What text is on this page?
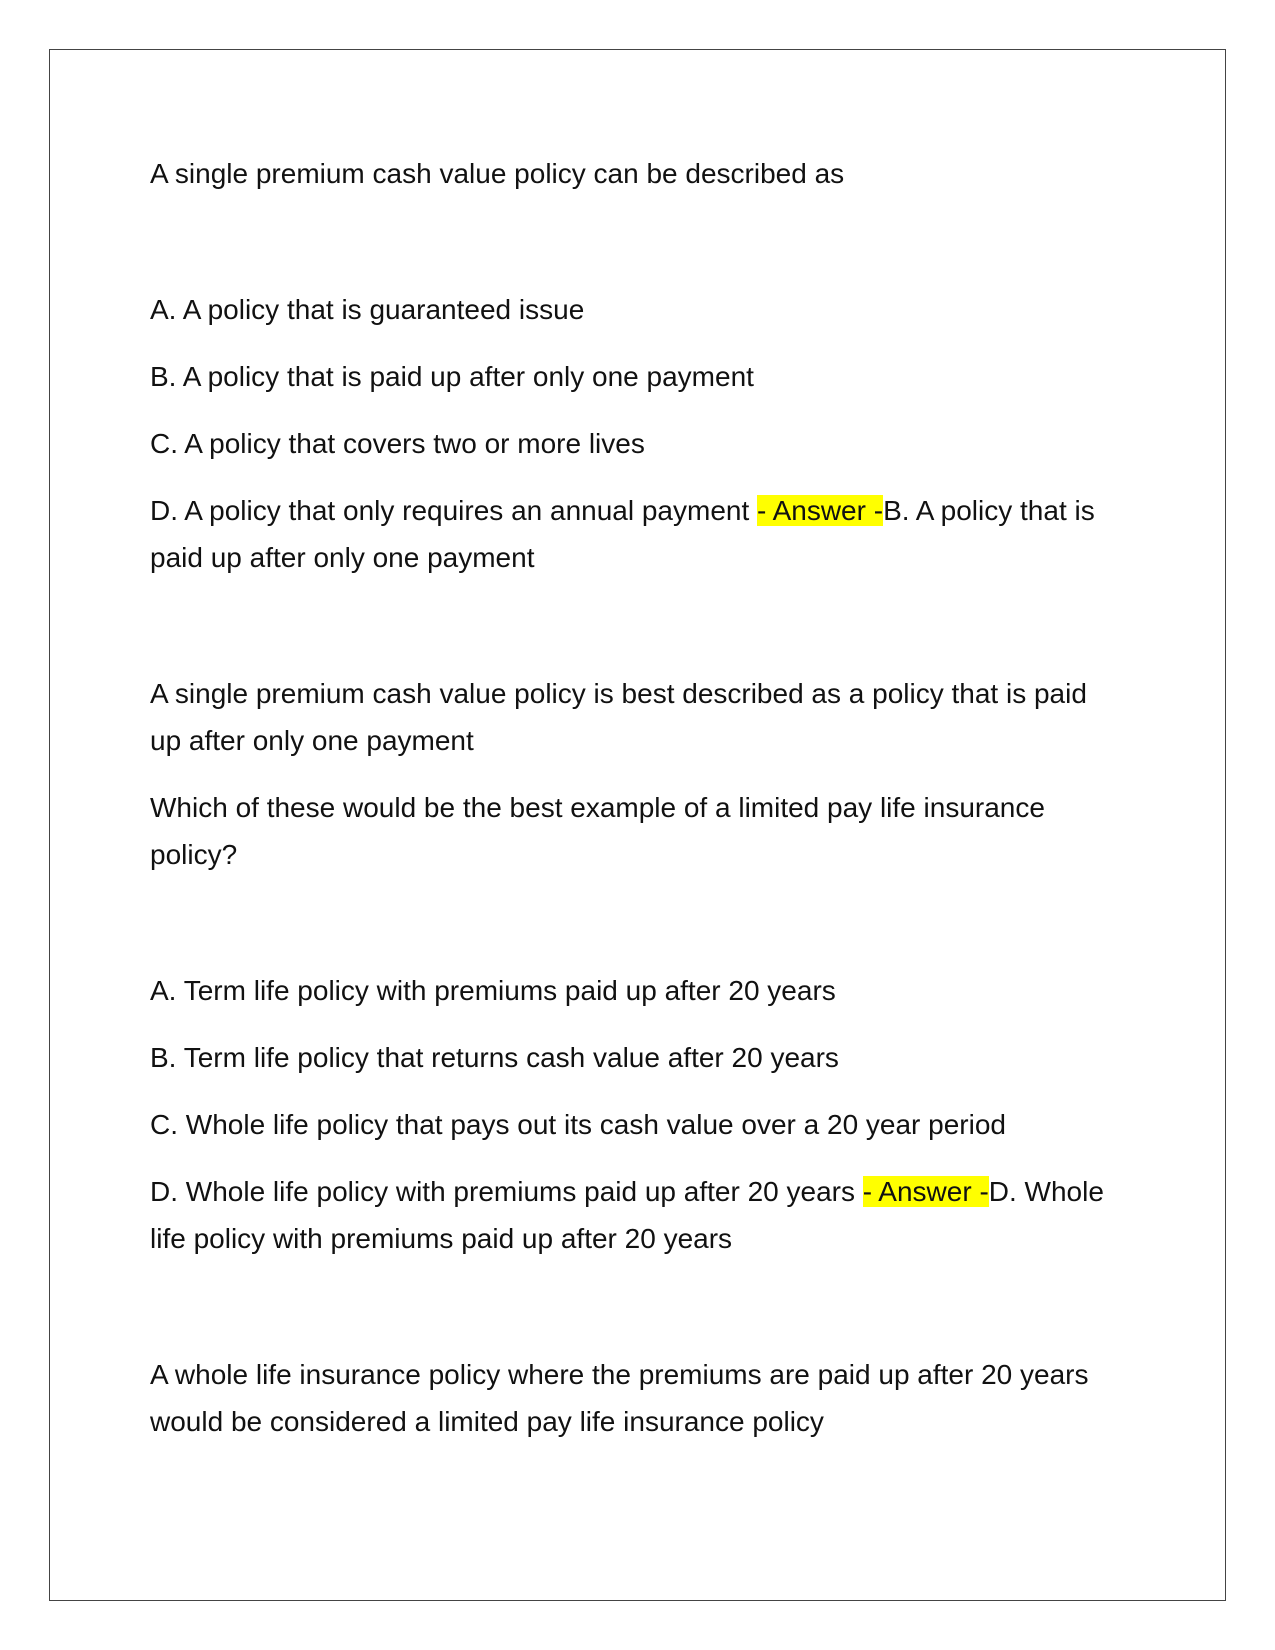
A single premium cash value policy can be described as

A. A policy that is guaranteed issue

B. A policy that is paid up after only one payment

C. A policy that covers two or more lives

D. A policy that only requires an annual payment - Answer -B. A policy that is paid up after only one payment

A single premium cash value policy is best described as a policy that is paid up after only one payment

Which of these would be the best example of a limited pay life insurance policy?

A. Term life policy with premiums paid up after 20 years

B. Term life policy that returns cash value after 20 years

C. Whole life policy that pays out its cash value over a 20 year period

D. Whole life policy with premiums paid up after 20 years - Answer -D. Whole life policy with premiums paid up after 20 years

A whole life insurance policy where the premiums are paid up after 20 years would be considered a limited pay life insurance policy
